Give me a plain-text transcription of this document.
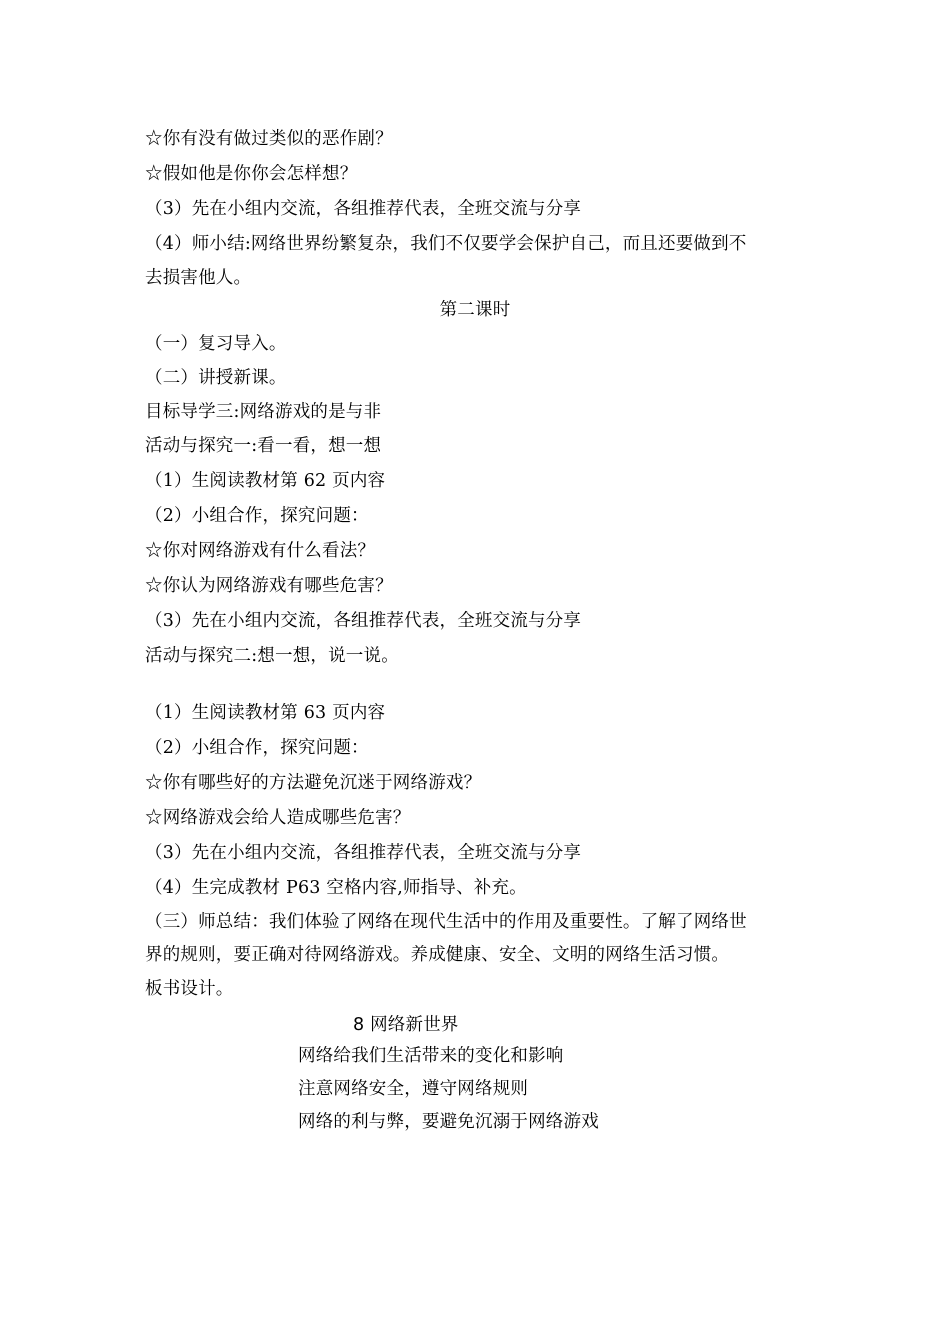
☆你有没有做过类似的恶作剧？
☆假如他是你你会怎样想？
（3）先在小组内交流，各组推荐代表，全班交流与分享
（4）师小结:网络世界纷繁复杂，我们不仅要学会保护自己，而且还要做到不
去损害他人。
第二课时
（一）复习导入。
（二）讲授新课。
目标导学三:网络游戏的是与非
活动与探究一:看一看，想一想
（1）生阅读教材第 62 页内容
（2）小组合作，探究问题：
☆你对网络游戏有什么看法？
☆你认为网络游戏有哪些危害？
（3）先在小组内交流，各组推荐代表，全班交流与分享
活动与探究二:想一想，说一说。
（1）生阅读教材第 63 页内容
（2）小组合作，探究问题：
☆你有哪些好的方法避免沉迷于网络游戏？
☆网络游戏会给人造成哪些危害？
（3）先在小组内交流，各组推荐代表，全班交流与分享
（4）生完成教材 P63 空格内容,师指导、补充。
（三）师总结：我们体验了网络在现代生活中的作用及重要性。了解了网络世
界的规则，要正确对待网络游戏。养成健康、安全、文明的网络生活习惯。
板书设计。
8 网络新世界
网络给我们生活带来的变化和影响
注意网络安全，遵守网络规则
网络的利与弊，要避免沉溺于网络游戏
